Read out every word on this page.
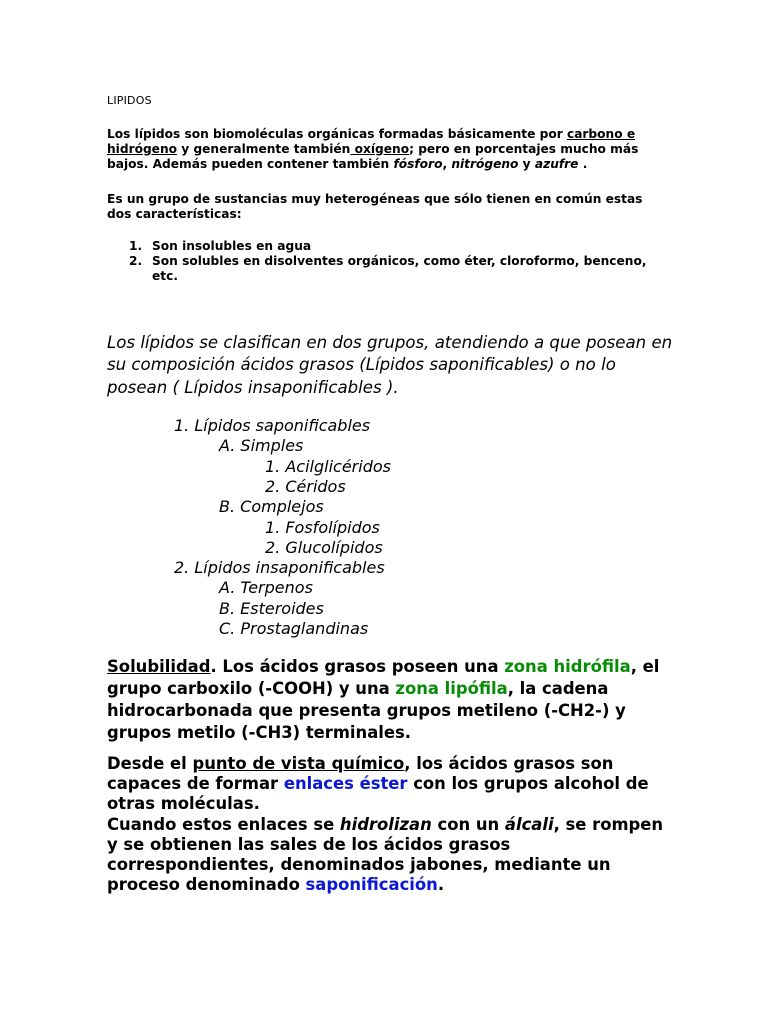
LIPIDOS

Los lípidos son biomoléculas orgánicas formadas básicamente por carbono e hidrógeno y generalmente también oxígeno; pero en porcentajes mucho más bajos. Además pueden contener también fósforo, nitrógeno y azufre .

Es un grupo de sustancias muy heterogéneas que sólo tienen en común estas dos características:

1. Son insolubles en agua
2. Son solubles en disolventes orgánicos, como éter, cloroformo, benceno, etc.

Los lípidos se clasifican en dos grupos, atendiendo a que posean en su composición ácidos grasos (Lípidos saponificables) o no lo posean ( Lípidos insaponificables ).

1. Lípidos saponificables
A. Simples
1. Acilglicéridos
2. Céridos
B. Complejos
1. Fosfolípidos
2. Glucolípidos
2. Lípidos insaponificables
A. Terpenos
B. Esteroides
C. Prostaglandinas

Solubilidad. Los ácidos grasos poseen una zona hidrófila, el grupo carboxilo (-COOH) y una zona lipófila, la cadena hidrocarbonada que presenta grupos metileno (-CH2-) y grupos metilo (-CH3) terminales.

Desde el punto de vista químico, los ácidos grasos son capaces de formar enlaces éster con los grupos alcohol de otras moléculas.
Cuando estos enlaces se hidrolizan con un álcali, se rompen y se obtienen las sales de los ácidos grasos correspondientes, denominados jabones, mediante un proceso denominado saponificación.
